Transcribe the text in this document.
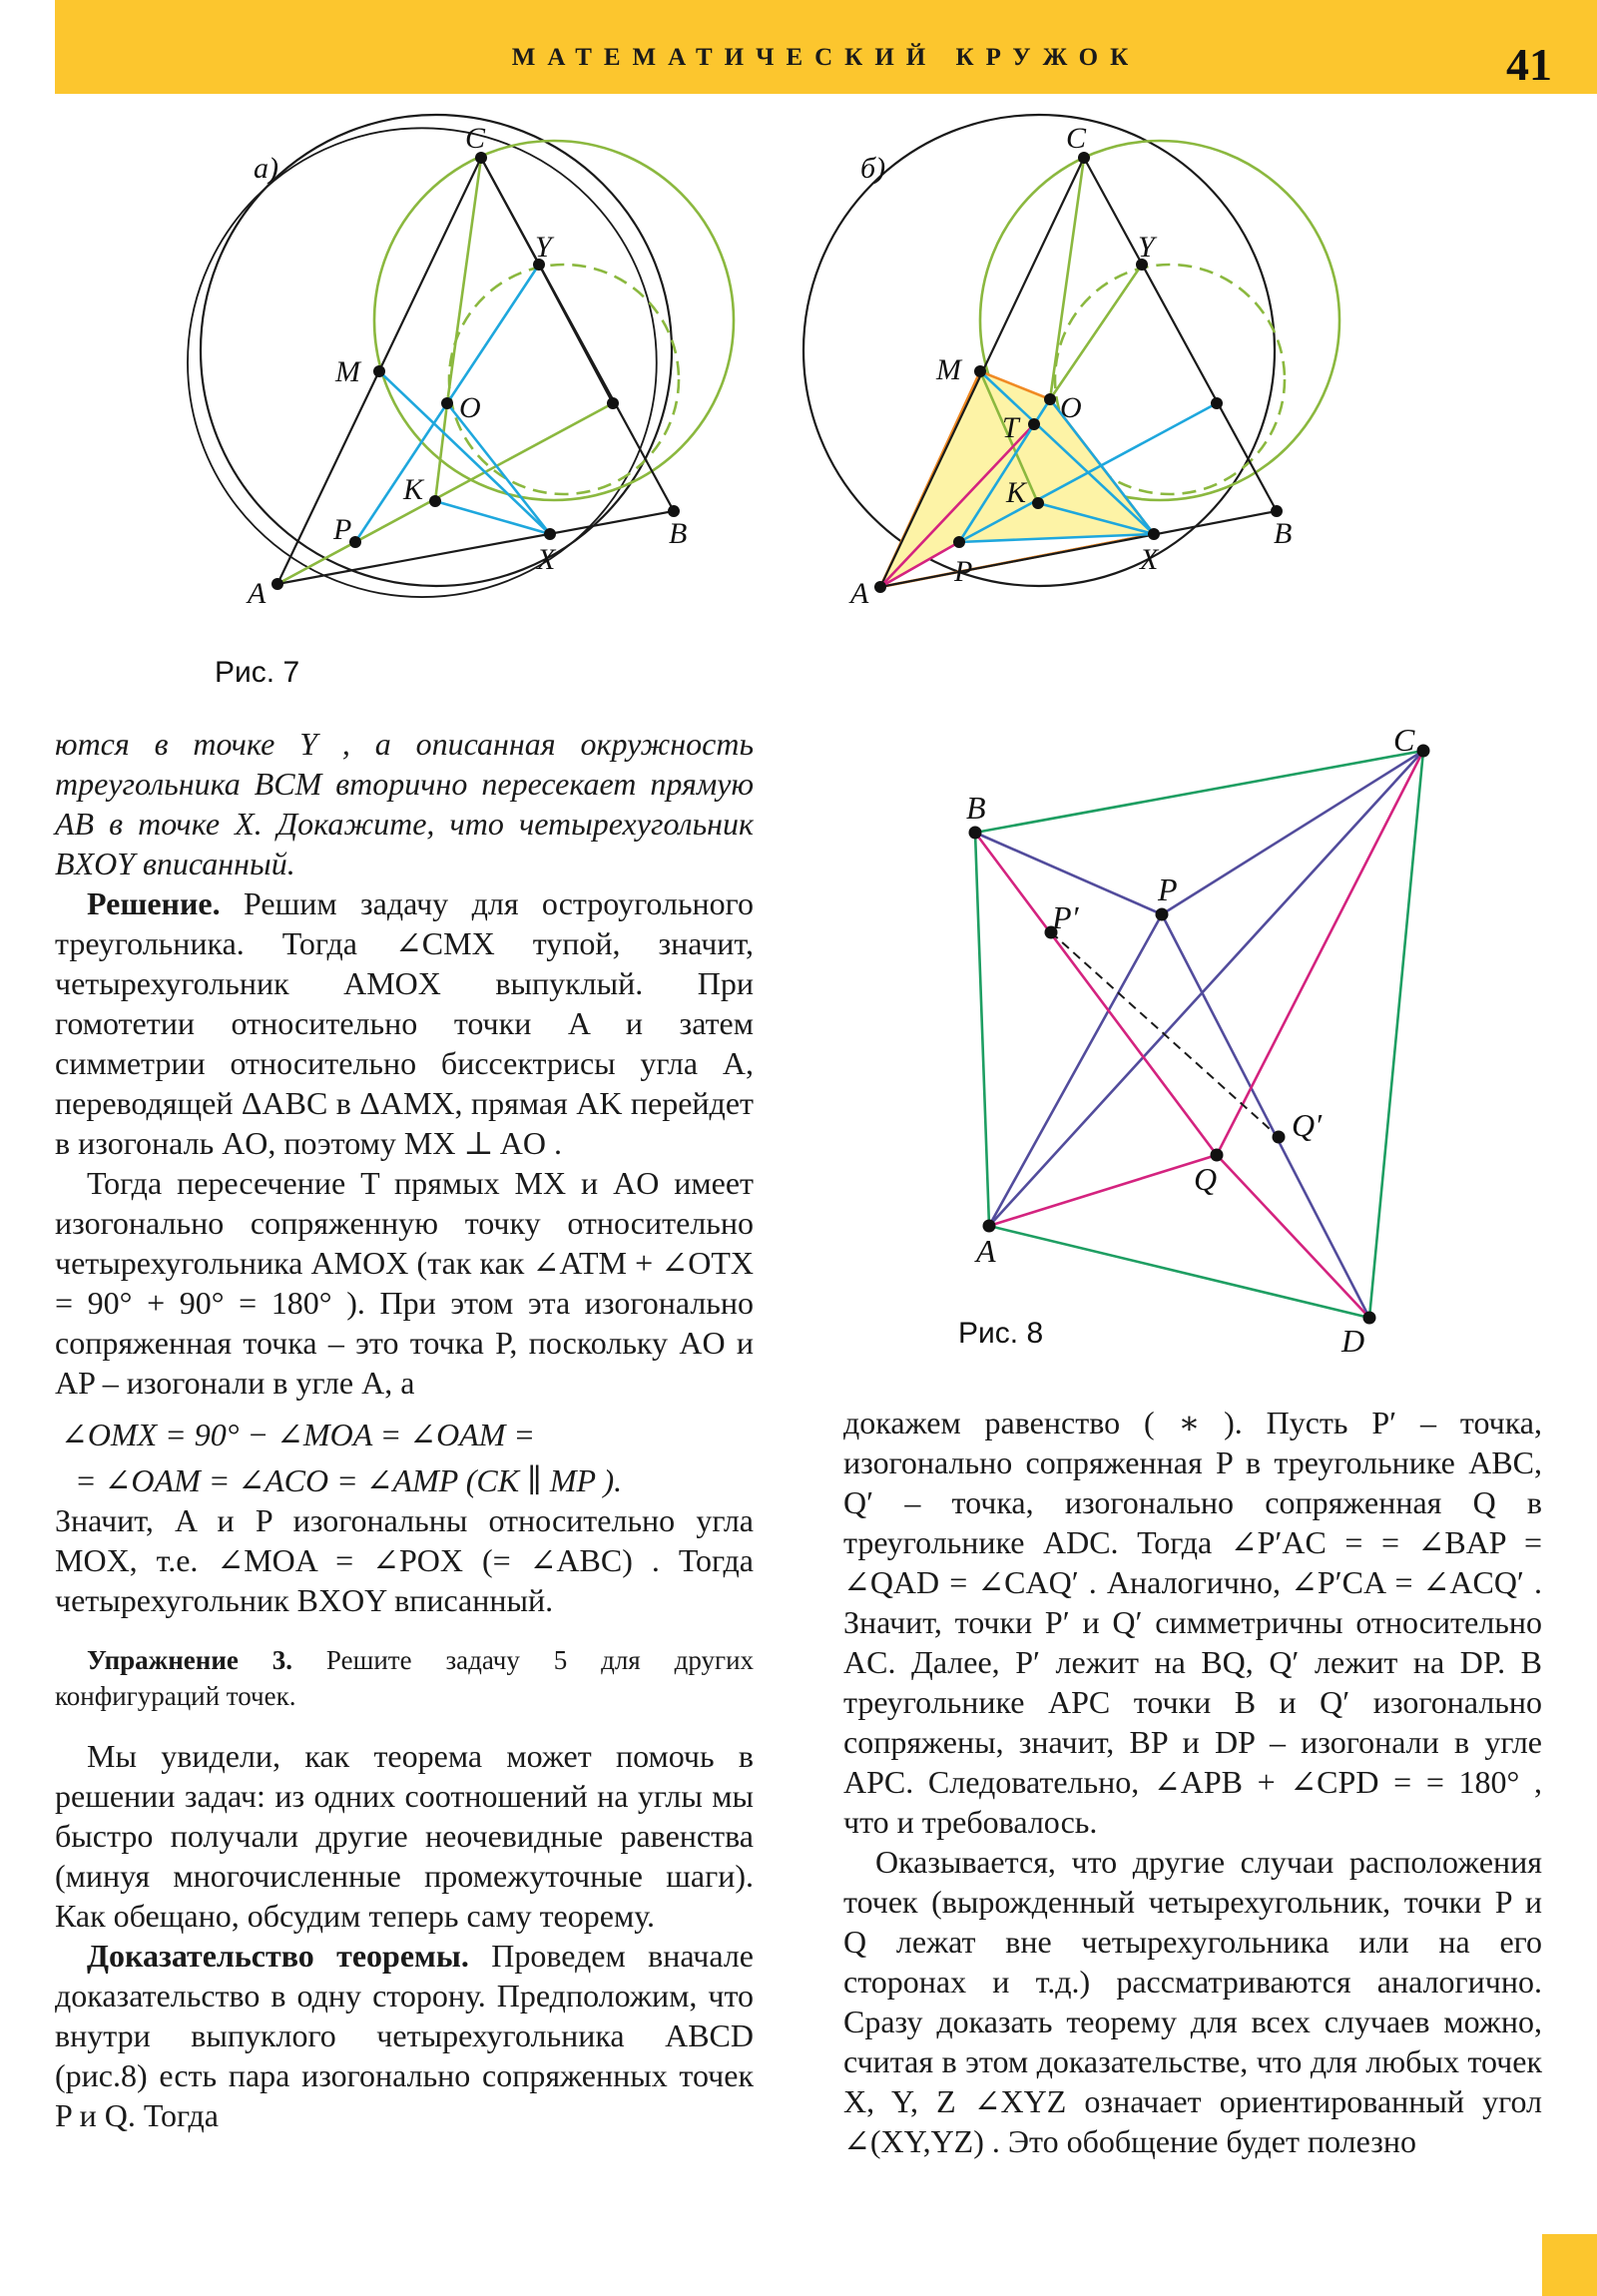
МАТЕМАТИЧЕСКИЙ КРУЖОК	41
а)
C
Y
M
O
K
P
X
B
A
Рис. 7
б)
C
Y
M
O
T
K
P	X
B
A
C
B
P
P′
Q′
Q
A
D
Рис. 8

ются в точке Y , а описанная окружность треугольника BCM вторично пересекает прямую AB в точке X. Докажите, что четырехугольник BXOY вписанный.

Решение. Решим задачу для остроугольного треугольника. Тогда ∠CMX тупой, значит, четырехугольник AMOX выпуклый. При гомотетии относительно точки A и затем симметрии относительно биссектрисы угла A, переводящей ΔABC в ΔAMX, прямая AK перейдет в изогональ AO, поэтому MX ⊥ AO .

Тогда пересечение T прямых MX и AO имеет изогонально сопряженную точку относительно четырехугольника AMOX (так как ∠ATM + ∠OTX = 90° + 90° = 180° ). При этом эта изогонально сопряженная точка – это точка P, поскольку AO и AP – изогонали в угле A, а

∠OMX = 90° − ∠MOA = ∠OAM =

= ∠OAM = ∠ACO = ∠AMP (CK ∥ MP ).

Значит, A и P изогональны относительно угла MOX, т.е. ∠MOA = ∠POX (= ∠ABC) . Тогда четырехугольник BXOY вписанный.

Упражнение 3. Решите задачу 5 для других конфигураций точек.

Мы увидели, как теорема может помочь в решении задач: из одних соотношений на углы мы быстро получали другие неочевидные равенства (минуя многочисленные промежуточные шаги). Как обещано, обсудим теперь саму теорему.

Доказательство теоремы. Проведем вначале доказательство в одну сторону. Предположим, что внутри выпуклого четырехугольника ABCD (рис.8) есть пара изогонально сопряженных точек P и Q. Тогда

докажем равенство ( ∗ ). Пусть P′ – точка, изогонально сопряженная P в треугольнике ABC, Q′ – точка, изогонально сопряженная Q в треугольнике ADC. Тогда ∠P′AC = = ∠BAP = ∠QAD = ∠CAQ′ . Аналогично, ∠P′CA = ∠ACQ′ . Значит, точки P′ и Q′ симметричны относительно AC. Далее, P′ лежит на BQ, Q′ лежит на DP. В треугольнике APC точки B и Q′ изогонально сопряжены, значит, BP и DP – изогонали в угле APC. Следовательно, ∠APB + ∠CPD = = 180° , что и требовалось.

Оказывается, что другие случаи расположения точек (вырожденный четырехугольник, точки P и Q лежат вне четырехугольника или на его сторонах и т.д.) рассматриваются аналогично. Сразу доказать теорему для всех случаев можно, считая в этом доказательстве, что для любых точек X, Y, Z ∠XYZ означает ориентированный угол ∠(XY,YZ) . Это обобщение будет полезно
